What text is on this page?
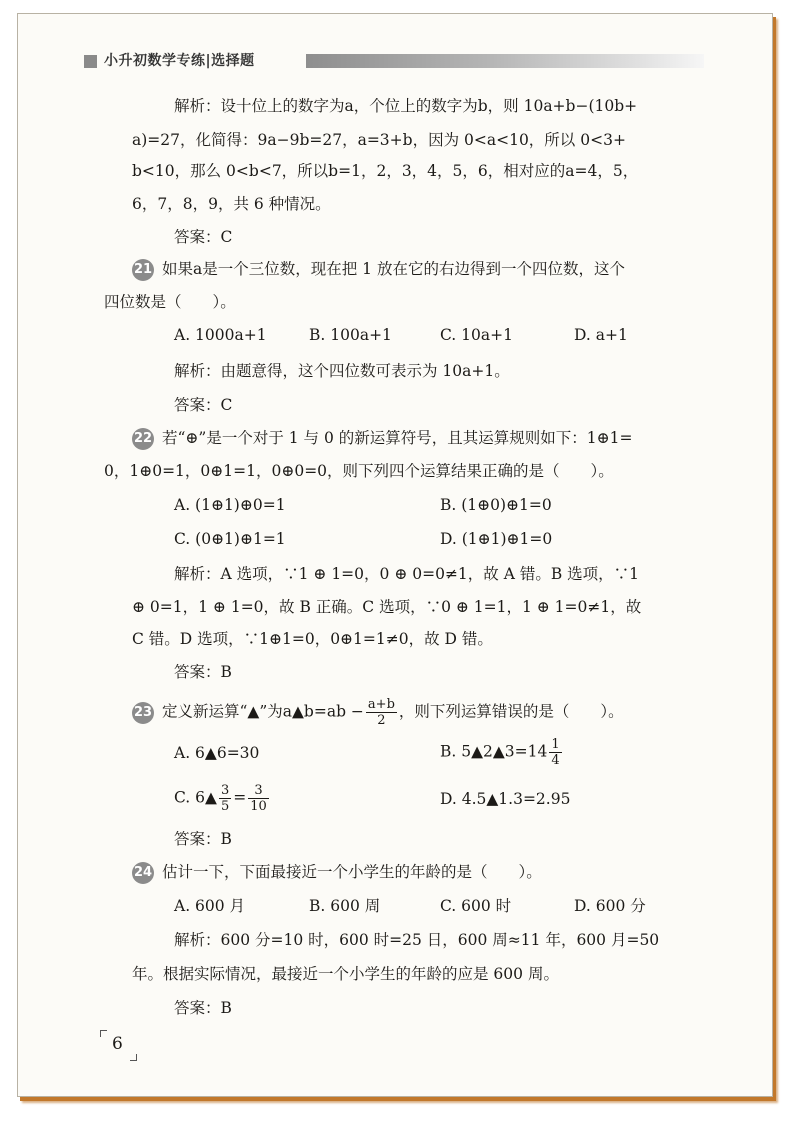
小升初数学专练|选择题
解析：设十位上的数字为a，个位上的数字为b，则 10a+b−(10b+
a)=27，化简得：9a−9b=27，a=3+b，因为 0<a<10，所以 0<3+
b<10，那么 0<b<7，所以b=1，2，3，4，5，6，相对应的a=4，5，
6，7，8，9，共 6 种情况。
答案：C
21 如果a是一个三位数，现在把 1 放在它的右边得到一个四位数，这个
四位数是（　　）。
A. 1000a+1	B. 100a+1	C. 10a+1	D. a+1
解析：由题意得，这个四位数可表示为 10a+1。
答案：C
22 若“⊕”是一个对于 1 与 0 的新运算符号，且其运算规则如下：1⊕1=
0，1⊕0=1，0⊕1=1，0⊕0=0，则下列四个运算结果正确的是（　　）。
A. (1⊕1)⊕0=1	B. (1⊕0)⊕1=0
C. (0⊕1)⊕1=1	D. (1⊕1)⊕1=0
解析：A 选项，∵1 ⊕ 1=0，0 ⊕ 0=0≠1，故 A 错。B 选项，∵1
⊕ 0=1，1 ⊕ 1=0，故 B 正确。C 选项，∵0 ⊕ 1=1，1 ⊕ 1=0≠1，故
C 错。D 选项，∵1⊕1=0，0⊕1=1≠0，故 D 错。
答案：B
23 定义新运算“▲”为a▲b=ab − $\frac{a+b}{2}$ ，则下列运算错误的是（　　）。
A. 6▲6=30	B. 5▲2▲3=14 $\frac{1}{4}$
C. 6▲ $\frac{3}{5} = \frac{3}{10}$	D. 4.5▲1.3=2.95
答案：B
24 估计一下，下面最接近一个小学生的年龄的是（　　）。
A. 600 月	B. 600 周	C. 600 时	D. 600 分
解析：600 分=10 时，600 时=25 日，600 周≈11 年，600 月=50
年。根据实际情况，最接近一个小学生的年龄的应是 600 周。
答案：B
6
